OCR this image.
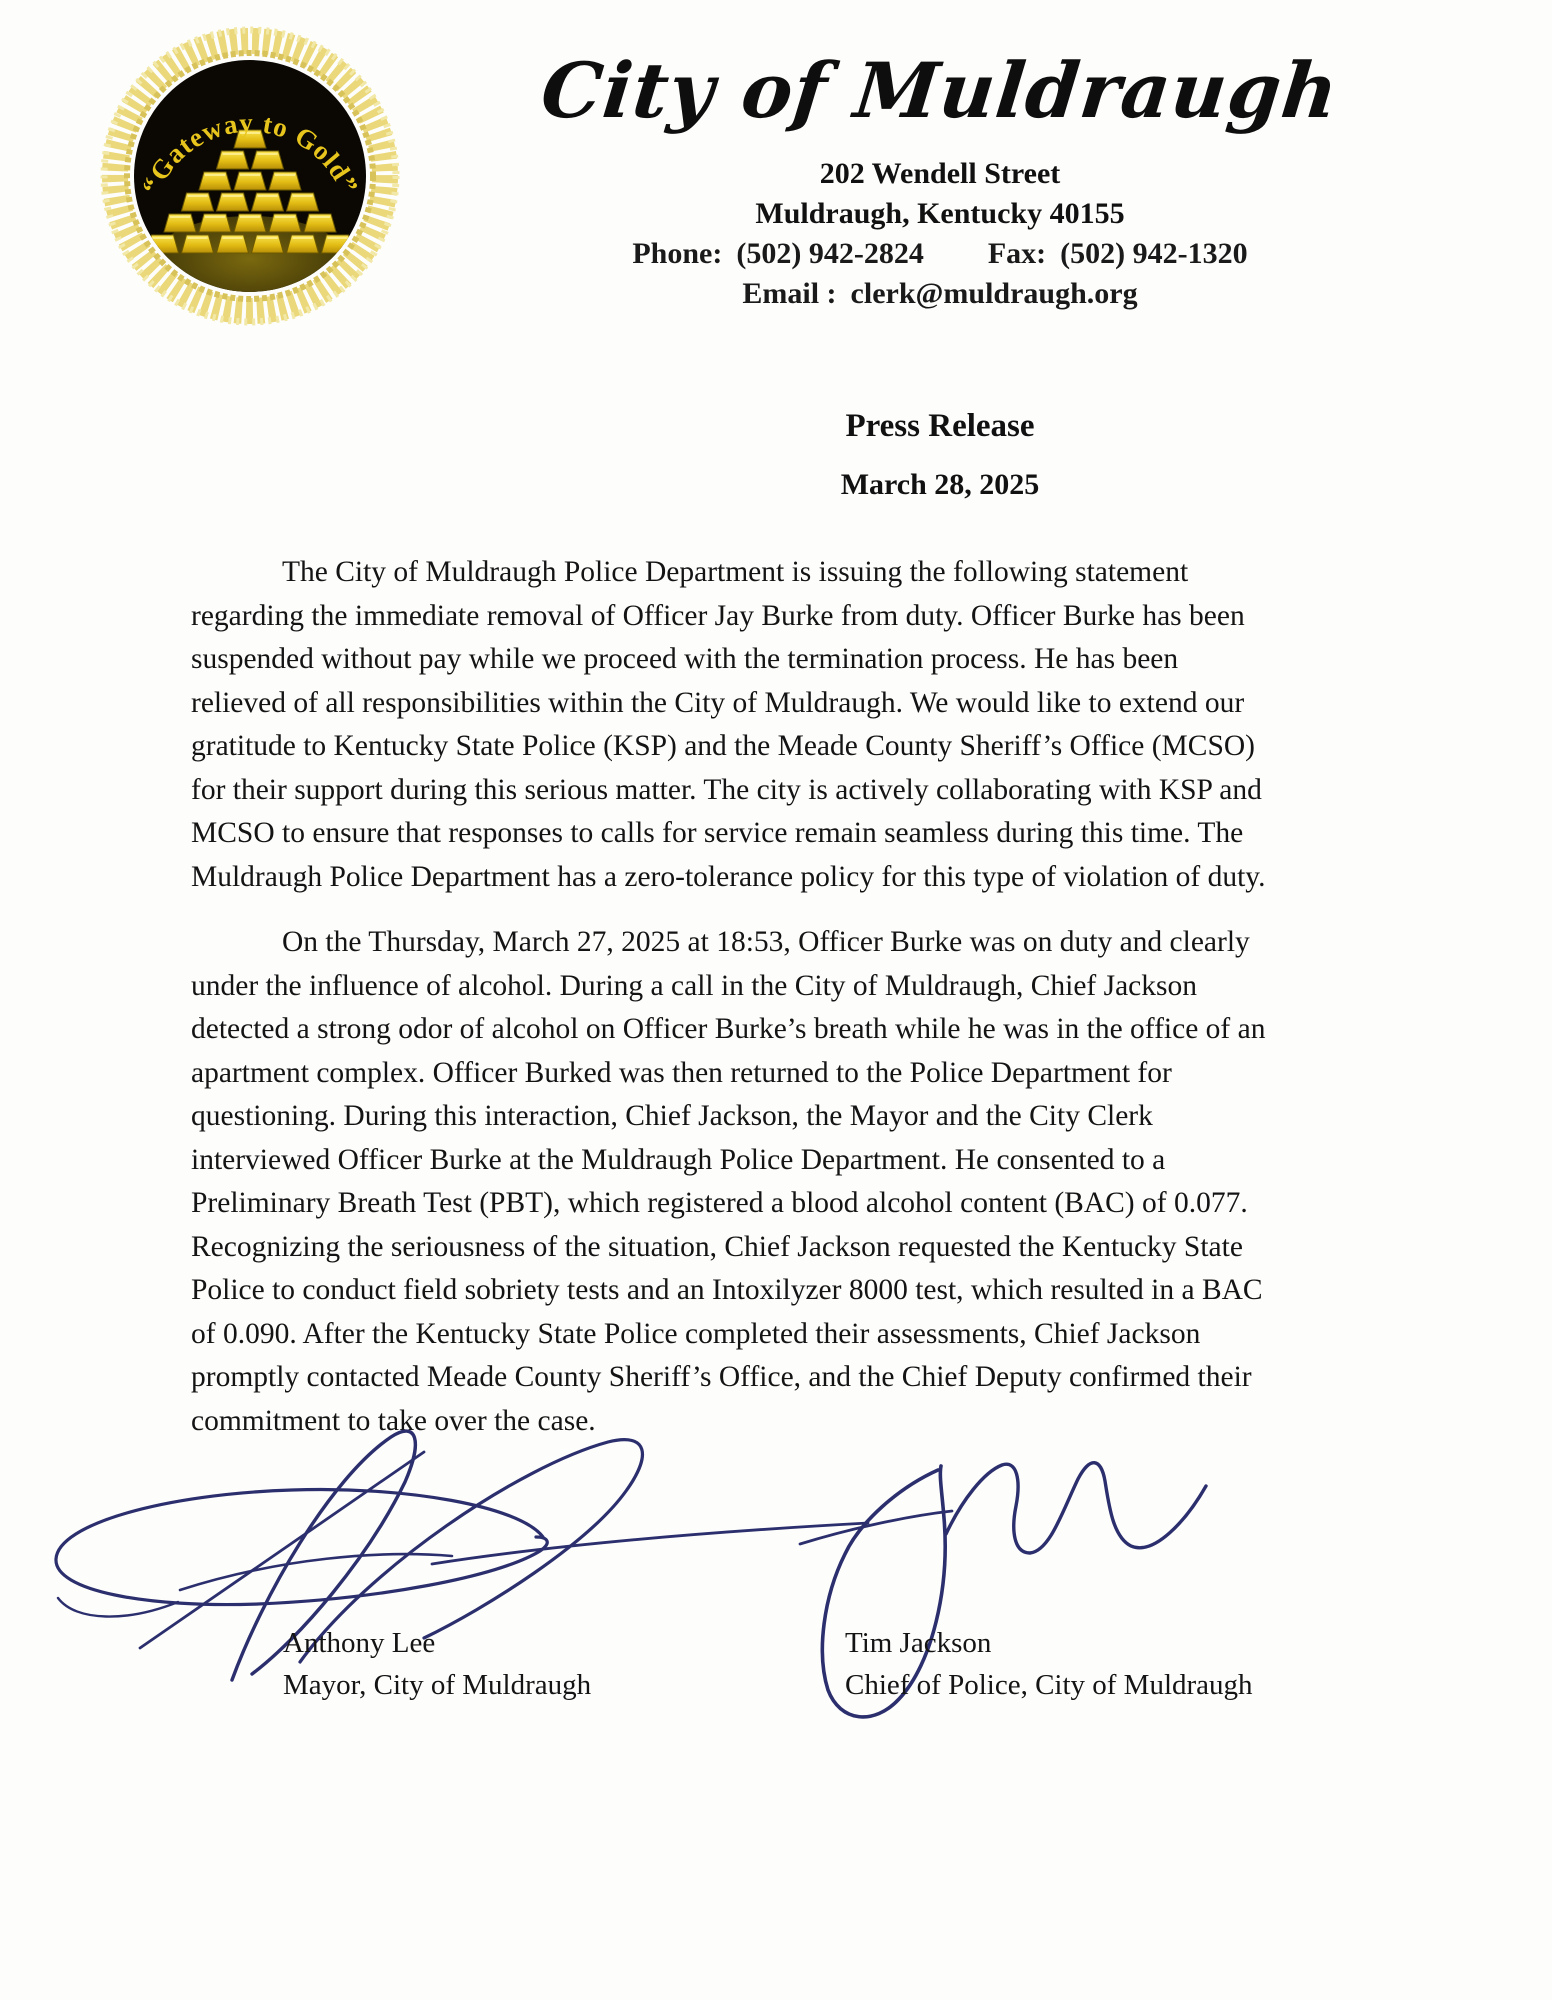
“Gateway to Gold”
City of Muldraugh
202 Wendell Street
Muldraugh, Kentucky 40155
Phone: (502) 942-2824 Fax: (502) 942-1320
Email : clerk@muldraugh.org
Press Release
March 28, 2025
The City of Muldraugh Police Department is issuing the following statement
regarding the immediate removal of Officer Jay Burke from duty. Officer Burke has been
suspended without pay while we proceed with the termination process. He has been
relieved of all responsibilities within the City of Muldraugh. We would like to extend our
gratitude to Kentucky State Police (KSP) and the Meade County Sheriff’s Office (MCSO)
for their support during this serious matter. The city is actively collaborating with KSP and
MCSO to ensure that responses to calls for service remain seamless during this time. The
Muldraugh Police Department has a zero-tolerance policy for this type of violation of duty.
On the Thursday, March 27, 2025 at 18:53, Officer Burke was on duty and clearly
under the influence of alcohol. During a call in the City of Muldraugh, Chief Jackson
detected a strong odor of alcohol on Officer Burke’s breath while he was in the office of an
apartment complex. Officer Burked was then returned to the Police Department for
questioning. During this interaction, Chief Jackson, the Mayor and the City Clerk
interviewed Officer Burke at the Muldraugh Police Department. He consented to a
Preliminary Breath Test (PBT), which registered a blood alcohol content (BAC) of 0.077.
Recognizing the seriousness of the situation, Chief Jackson requested the Kentucky State
Police to conduct field sobriety tests and an Intoxilyzer 8000 test, which resulted in a BAC
of 0.090. After the Kentucky State Police completed their assessments, Chief Jackson
promptly contacted Meade County Sheriff’s Office, and the Chief Deputy confirmed their
commitment to take over the case.
Anthony Lee
Mayor, City of Muldraugh
Tim Jackson
Chief of Police, City of Muldraugh
